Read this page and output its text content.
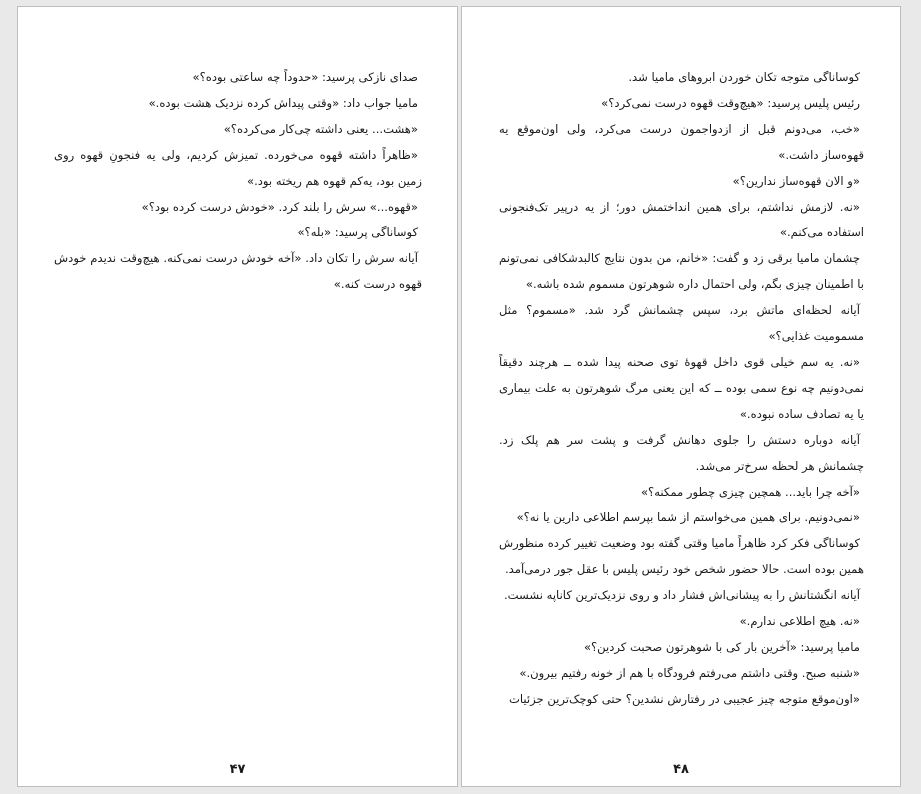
صدای نازکی پرسید: «حدوداً چه ساعتی بوده؟»

ماميا جواب داد: «وقتی پيداش كرده نزديک هشت بوده.»

«هشت... يعنی داشته چی‌كار می‌كرده؟»

«ظاهراً داشته قهوه می‌خورده. تميزش كرديم، ولی يه فنجونِ قهوه روی زمين بود، يه‌كم قهوه هم ريخته بود.»

«قهوه...» سرش را بلند كرد. «خودش درست كرده بود؟»

كوساناگی پرسيد: «بله؟»

آيانه سرش را تكان داد. «آخه خودش درست نمی‌كنه. هيچ‌وقت نديدم خودش قهوه درست كنه.»

۴۷

كوساناگی متوجه تكان خوردن ابروهای ماميا شد.

رئيس پليس پرسيد: «هيچ‌وقت قهوه درست نمی‌كرد؟»

«خب، می‌دونم قبل از ازدواجمون درست می‌كرد، ولی اون‌موقع يه قهوه‌ساز داشت.»

«و الان قهوه‌ساز ندارين؟»

«نه. لازمش نداشتم، برای همين انداختمش دور؛ از يه درپير تک‌فنجونی استفاده می‌كنم.»

چشمان ماميا برقی زد و گفت: «خانم، من بدون نتايج كالبدشكافی نمی‌تونم با اطمينان چيزی بگم، ولی احتمال داره شوهرتون مسموم شده باشه.»

آيانه لحظه‌ای ماتش برد، سپس چشمانش گرد شد. «مسموم؟ مثل مسموميت غذايی؟»

«نه. يه سم خيلی قوی داخل قهوهٔ توی صحنه پيدا شده ــ هرچند دقيقاً نمی‌دونيم چه نوع سمی بوده ــ كه اين يعنی مرگ شوهرتون به علت بيماری يا يه تصادف ساده نبوده.»

آيانه دوباره دستش را جلوی دهانش گرفت و پشت سر هم پلک زد. چشمانش هر لحظه سرخ‌تر می‌شد.

«آخه چرا بايد... همچين چيزی چطور ممكنه؟»

«نمی‌دونيم. برای همين می‌خواستم از شما بپرسم اطلاعی دارين يا نه؟»

كوساناگی فكر كرد ظاهراً ماميا وقتی گفته بود وضعيت تغيير كرده منظورش همين بوده است. حالا حضور شخص خود رئيس پليس با عقل جور درمی‌آمد.

آيانه انگشتانش را به پيشانی‌اش فشار داد و روی نزديک‌ترين كاناپه نشست.

«نه. هيچ اطلاعی ندارم.»

ماميا پرسيد: «آخرين بار كی با شوهرتون صحبت كردين؟»

«شنبه صبح. وقتی داشتم می‌رفتم فرودگاه با هم از خونه رفتيم بيرون.»

«اون‌موقع متوجه چيز عجيبی در رفتارش نشدين؟ حتی كوچک‌ترين جزئيات

۴۸
